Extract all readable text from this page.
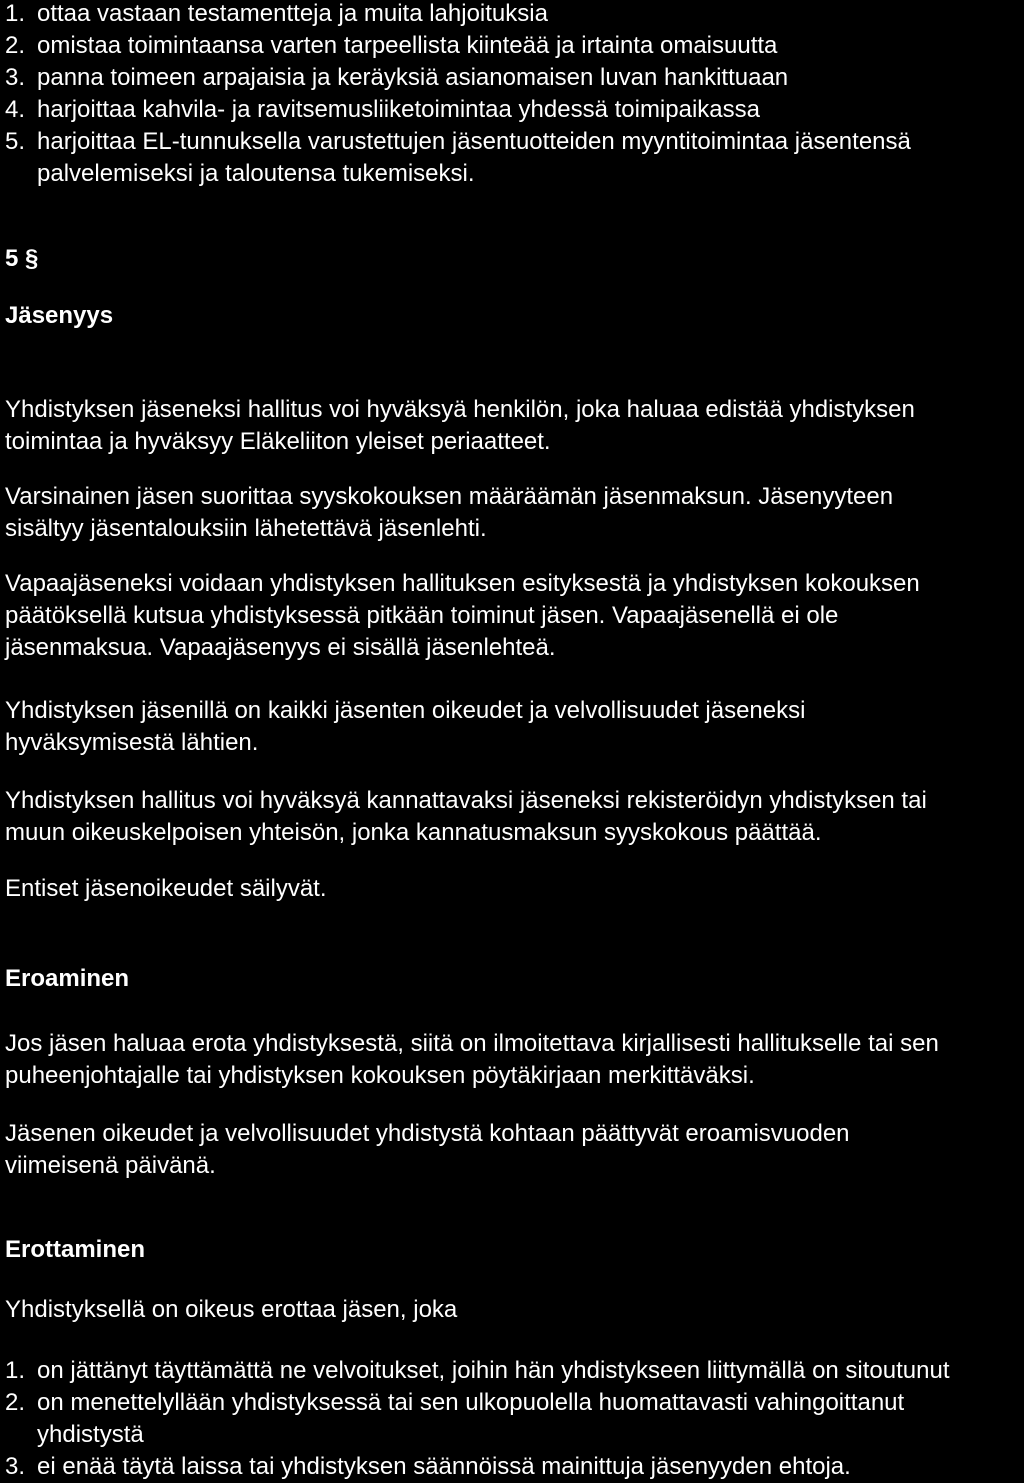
1. ottaa vastaan testamentteja ja muita lahjoituksia
2. omistaa toimintaansa varten tarpeellista kiinteää ja irtainta omaisuutta
3. panna toimeen arpajaisia ja keräyksiä asianomaisen luvan hankittuaan
4. harjoittaa kahvila- ja ravitsemusliiketoimintaa yhdessä toimipaikassa
5. harjoittaa EL-tunnuksella varustettujen jäsentuotteiden myyntitoimintaa jäsentensä
palvelemiseksi ja taloutensa tukemiseksi.
5 §
Jäsenyys
Yhdistyksen jäseneksi hallitus voi hyväksyä henkilön, joka haluaa edistää yhdistyksen
toimintaa ja hyväksyy Eläkeliiton yleiset periaatteet.
Varsinainen jäsen suorittaa syyskokouksen määräämän jäsenmaksun. Jäsenyyteen
sisältyy jäsentalouksiin lähetettävä jäsenlehti.
Vapaajäseneksi voidaan yhdistyksen hallituksen esityksestä ja yhdistyksen kokouksen
päätöksellä kutsua yhdistyksessä pitkään toiminut jäsen. Vapaajäsenellä ei ole
jäsenmaksua. Vapaajäsenyys ei sisällä jäsenlehteä.
Yhdistyksen jäsenillä on kaikki jäsenten oikeudet ja velvollisuudet jäseneksi
hyväksymisestä lähtien.
Yhdistyksen hallitus voi hyväksyä kannattavaksi jäseneksi rekisteröidyn yhdistyksen tai
muun oikeuskelpoisen yhteisön, jonka kannatusmaksun syyskokous päättää.
Entiset jäsenoikeudet säilyvät.
Eroaminen
Jos jäsen haluaa erota yhdistyksestä, siitä on ilmoitettava kirjallisesti hallitukselle tai sen
puheenjohtajalle tai yhdistyksen kokouksen pöytäkirjaan merkittäväksi.
Jäsenen oikeudet ja velvollisuudet yhdistystä kohtaan päättyvät eroamisvuoden
viimeisenä päivänä.
Erottaminen
Yhdistyksellä on oikeus erottaa jäsen, joka
1. on jättänyt täyttämättä ne velvoitukset, joihin hän yhdistykseen liittymällä on sitoutunut
2. on menettelyllään yhdistyksessä tai sen ulkopuolella huomattavasti vahingoittanut
yhdistystä
3. ei enää täytä laissa tai yhdistyksen säännöissä mainittuja jäsenyyden ehtoja.
